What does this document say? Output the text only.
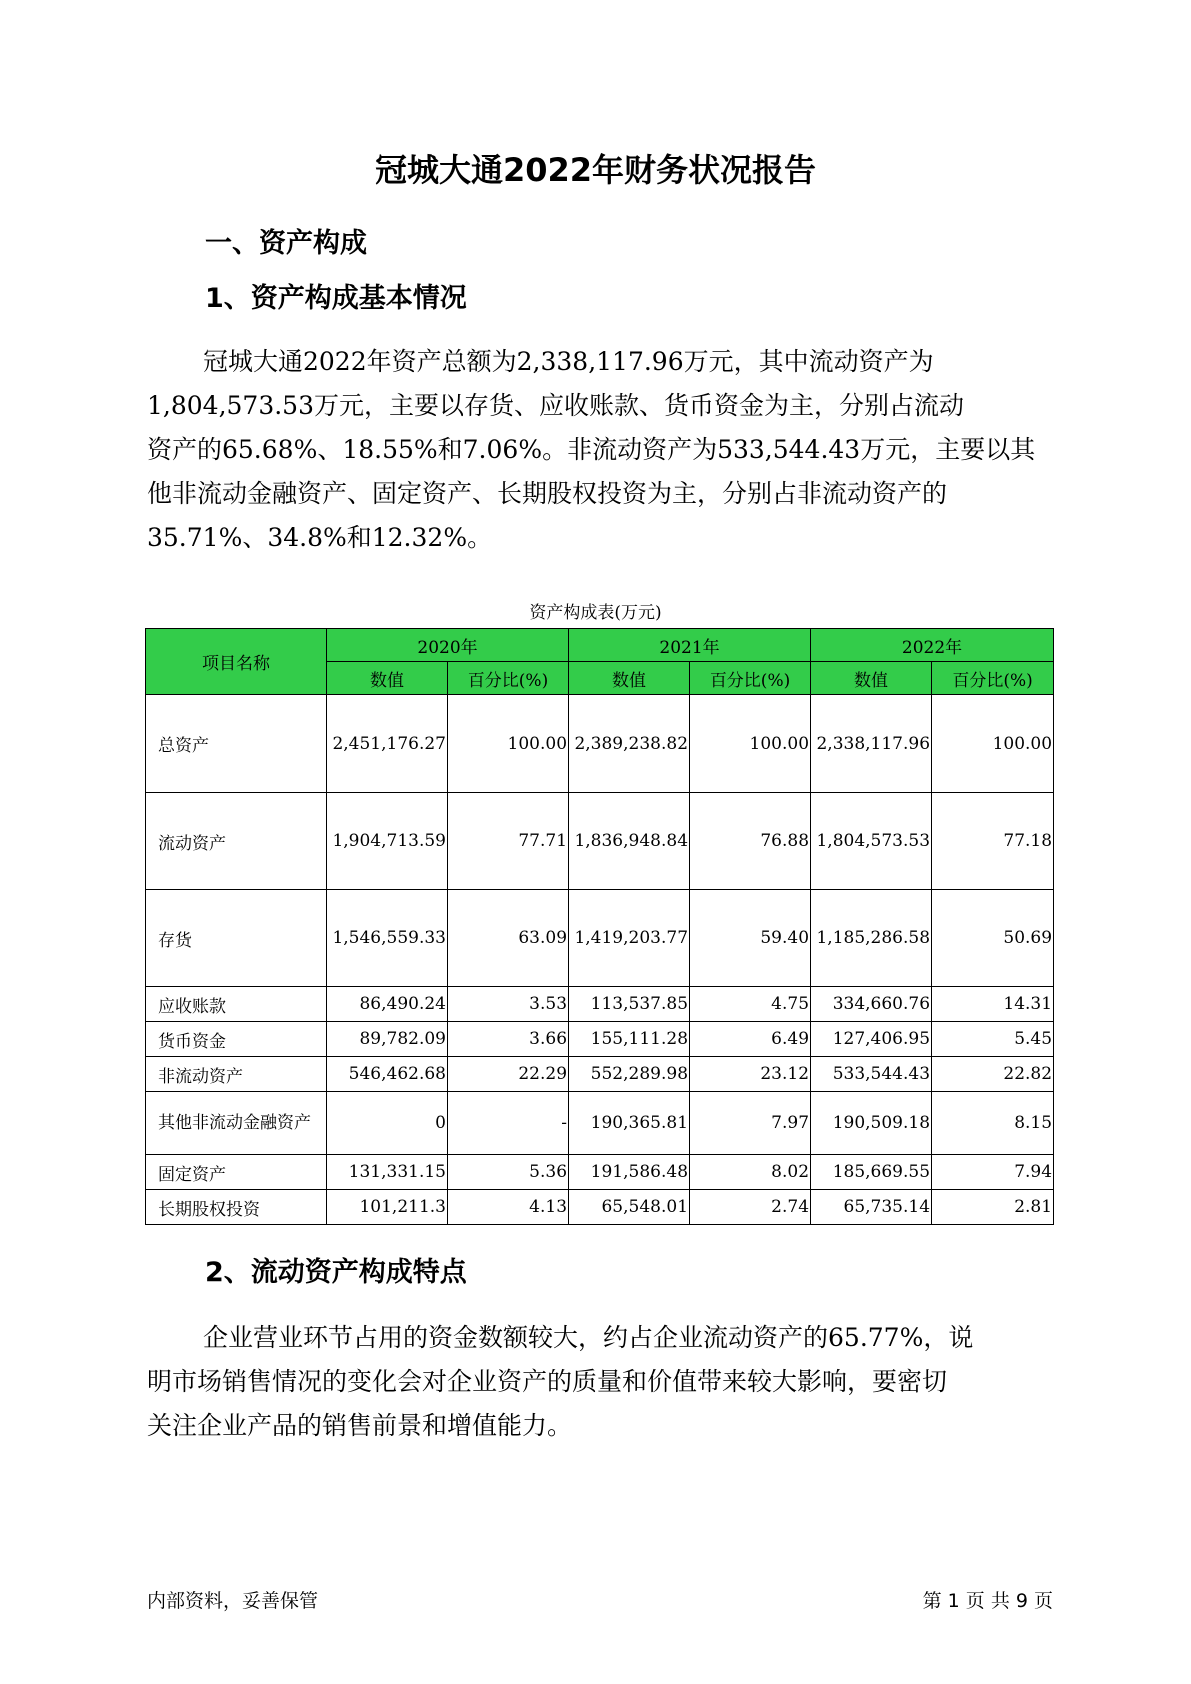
冠城大通2022年财务状况报告
一、资产构成
1、资产构成基本情况
冠城大通2022年资产总额为2,338,117.96万元，其中流动资产为
1,804,573.53万元，主要以存货、应收账款、货币资金为主，分别占流动
资产的65.68%、18.55%和7.06%。非流动资产为533,544.43万元，主要以其
他非流动金融资产、固定资产、长期股权投资为主，分别占非流动资产的
35.71%、34.8%和12.32%。
资产构成表(万元)
项目名称	2020年		2021年		2022年	
	数值	百分比(%)	数值	百分比(%)	数值	百分比(%)
总资产	2,451,176.27	100.00	2,389,238.82	100.00	2,338,117.96	100.00
流动资产	1,904,713.59	77.71	1,836,948.84	76.88	1,804,573.53	77.18
存货	1,546,559.33	63.09	1,419,203.77	59.40	1,185,286.58	50.69
应收账款	86,490.24	3.53	113,537.85	4.75	334,660.76	14.31
货币资金	89,782.09	3.66	155,111.28	6.49	127,406.95	5.45
非流动资产	546,462.68	22.29	552,289.98	23.12	533,544.43	22.82
其他非流动金融资产	0	-	190,365.81	7.97	190,509.18	8.15
固定资产	131,331.15	5.36	191,586.48	8.02	185,669.55	7.94
长期股权投资	101,211.3	4.13	65,548.01	2.74	65,735.14	2.81
2、流动资产构成特点
企业营业环节占用的资金数额较大，约占企业流动资产的65.77%，说
明市场销售情况的变化会对企业资产的质量和价值带来较大影响，要密切
关注企业产品的销售前景和增值能力。
内部资料，妥善保管	第 1 页 共 9 页
